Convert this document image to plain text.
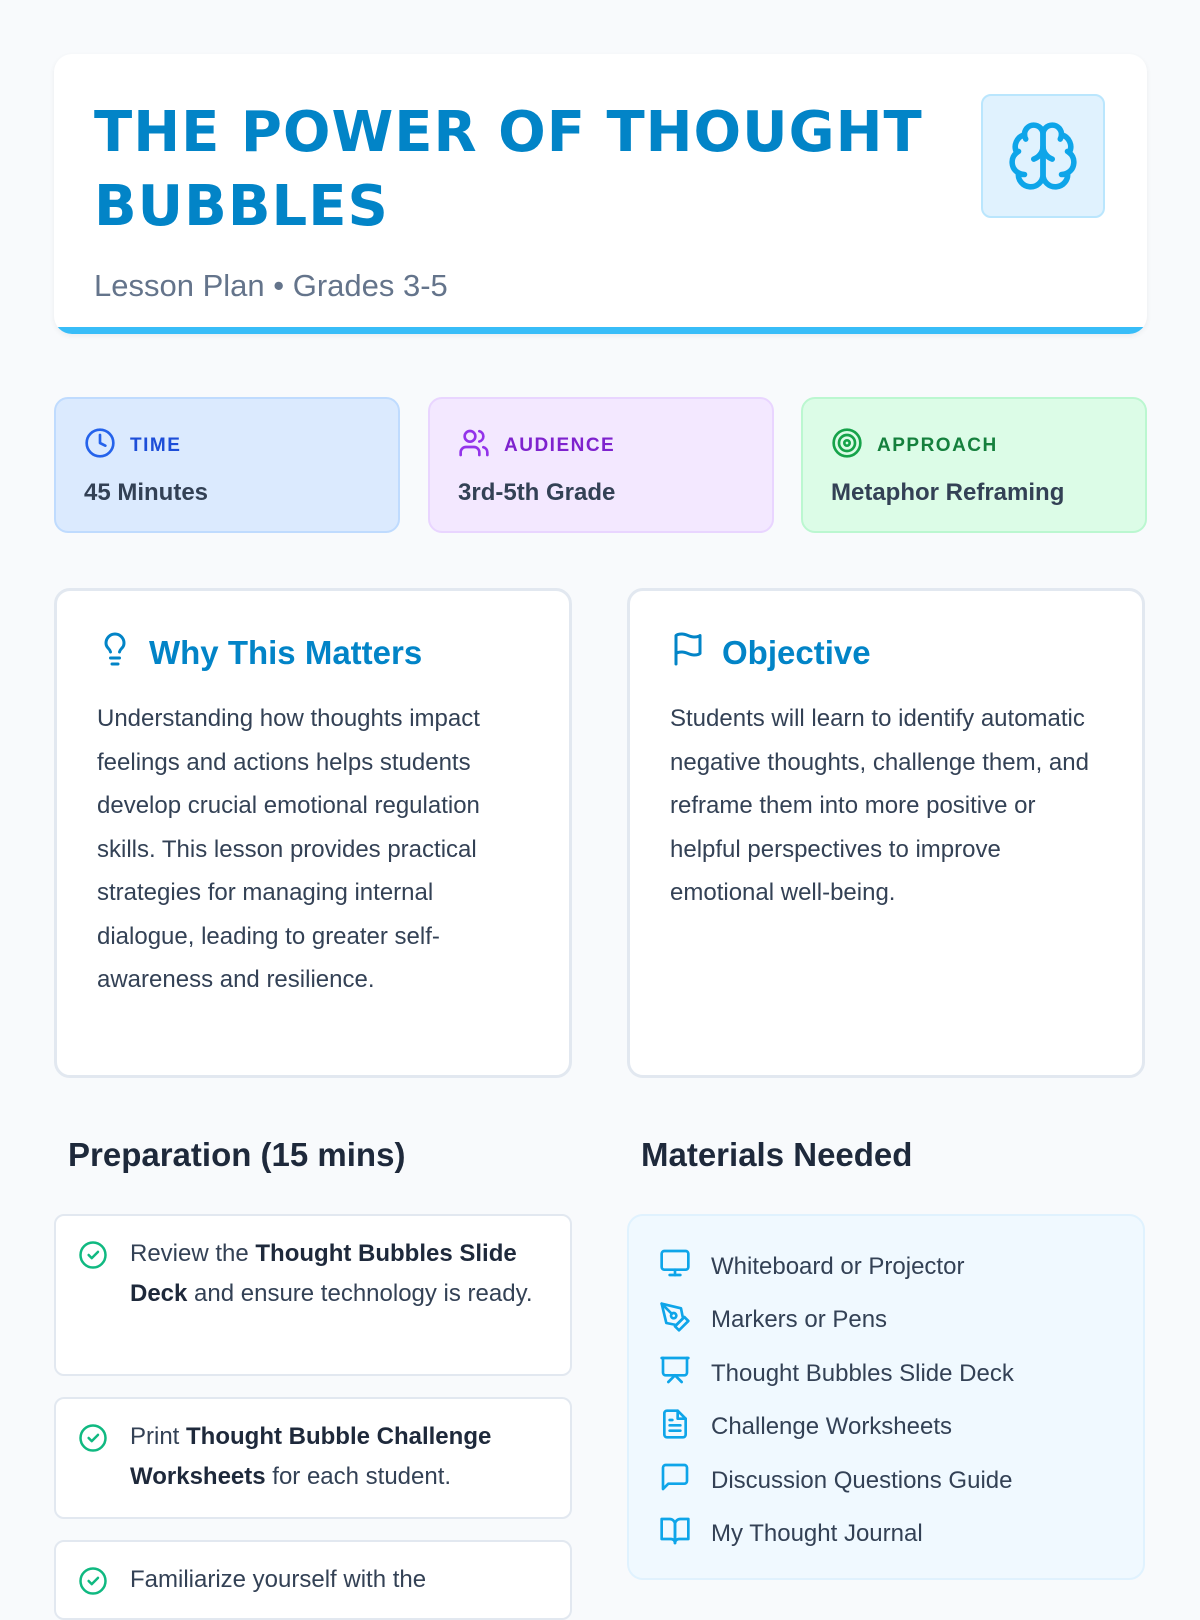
THE POWER OF THOUGHT BUBBLES
Lesson Plan • Grades 3-5
TIME
45 Minutes
AUDIENCE
3rd-5th Grade
APPROACH
Metaphor Reframing
Why This Matters

Understanding how thoughts impact feelings and actions helps students develop crucial emotional regulation skills. This lesson provides practical strategies for managing internal dialogue, leading to greater self-awareness and resilience.

Objective

Students will learn to identify automatic negative thoughts, challenge them, and reframe them into more positive or helpful perspectives to improve emotional well-being.

Preparation (15 mins)
Review the Thought Bubbles Slide Deck and ensure technology is ready.
Print Thought Bubble Challenge Worksheets for each student.
Familiarize yourself with the
Materials Needed
Whiteboard or Projector
Markers or Pens
Thought Bubbles Slide Deck
Challenge Worksheets
Discussion Questions Guide
My Thought Journal
